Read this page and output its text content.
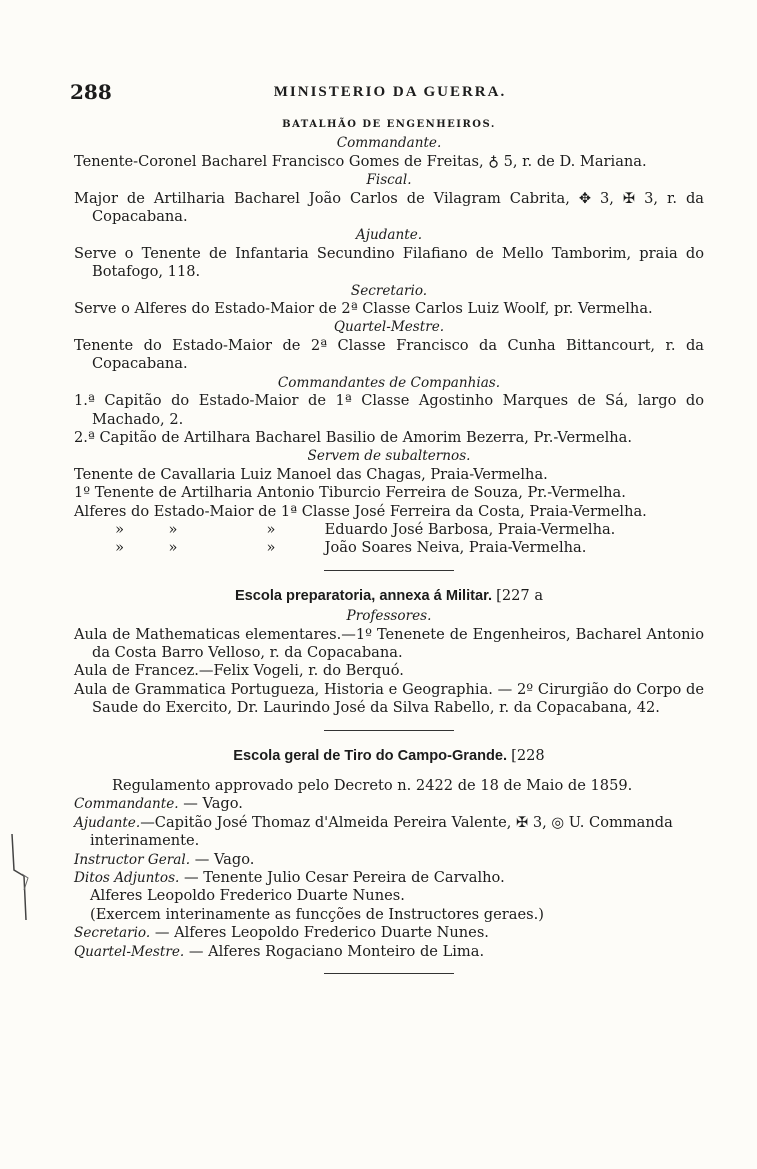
288	MINISTERIO DA GUERRA.
BATALHÃO DE ENGENHEIROS.
Commandante.
Tenente-Coronel Bacharel Francisco Gomes de Freitas, ♁ 5, r. de D. Mariana.
Fiscal.
Major de Artilharia Bacharel João Carlos de Vilagram Cabrita, ✥ 3, ✠ 3, r. da Copacabana.
Ajudante.
Serve o Tenente de Infantaria Secundino Filafiano de Mello Tamborim, praia do Botafogo, 118.
Secretario.
Serve o Alferes do Estado-Maior de 2ª Classe Carlos Luiz Woolf, pr. Vermelha.
Quartel-Mestre.
Tenente do Estado-Maior de 2ª Classe Francisco da Cunha Bittancourt, r. da Copacabana.
Commandantes de Companhias.
1.ª Capitão do Estado-Maior de 1ª Classe Agostinho Marques de Sá, largo do Machado, 2.
2.ª Capitão de Artilhara Bacharel Basilio de Amorim Bezerra, Pr.-Vermelha.
Servem de subalternos.
Tenente de Cavallaria Luiz Manoel das Chagas, Praia-Vermelha.
1º Tenente de Artilharia Antonio Tiburcio Ferreira de Souza, Pr.-Vermelha.
Alferes do Estado-Maior de 1ª Classe José Ferreira da Costa, Praia-Vermelha.
»	»	»	Eduardo José Barbosa, Praia-Vermelha.
»	»	»	João Soares Neiva, Praia-Vermelha.
Escola preparatoria, annexa á Militar. [227 a
Professores.
Aula de Mathematicas elementares.—1º Tenenete de Engenheiros, Bacharel Antonio da Costa Barro Velloso, r. da Copacabana.
Aula de Francez.—Felix Vogeli, r. do Berquó.
Aula de Grammatica Portugueza, Historia e Geographia. — 2º Cirurgião do Corpo de Saude do Exercito, Dr. Laurindo José da Silva Rabello, r. da Copacabana, 42.
Escola geral de Tiro do Campo-Grande. [228
Regulamento approvado pelo Decreto n. 2422 de 18 de Maio de 1859.
Commandante. — Vago.
Ajudante.—Capitão José Thomaz d'Almeida Pereira Valente, ✠ 3, ◎ U. Commanda interinamente.
Instructor Geral. — Vago.
Ditos Adjuntos. — Tenente Julio Cesar Pereira de Carvalho.
Alferes Leopoldo Frederico Duarte Nunes.
(Exercem interinamente as funcções de Instructores geraes.)
Secretario. — Alferes Leopoldo Frederico Duarte Nunes.
Quartel-Mestre. — Alferes Rogaciano Monteiro de Lima.
